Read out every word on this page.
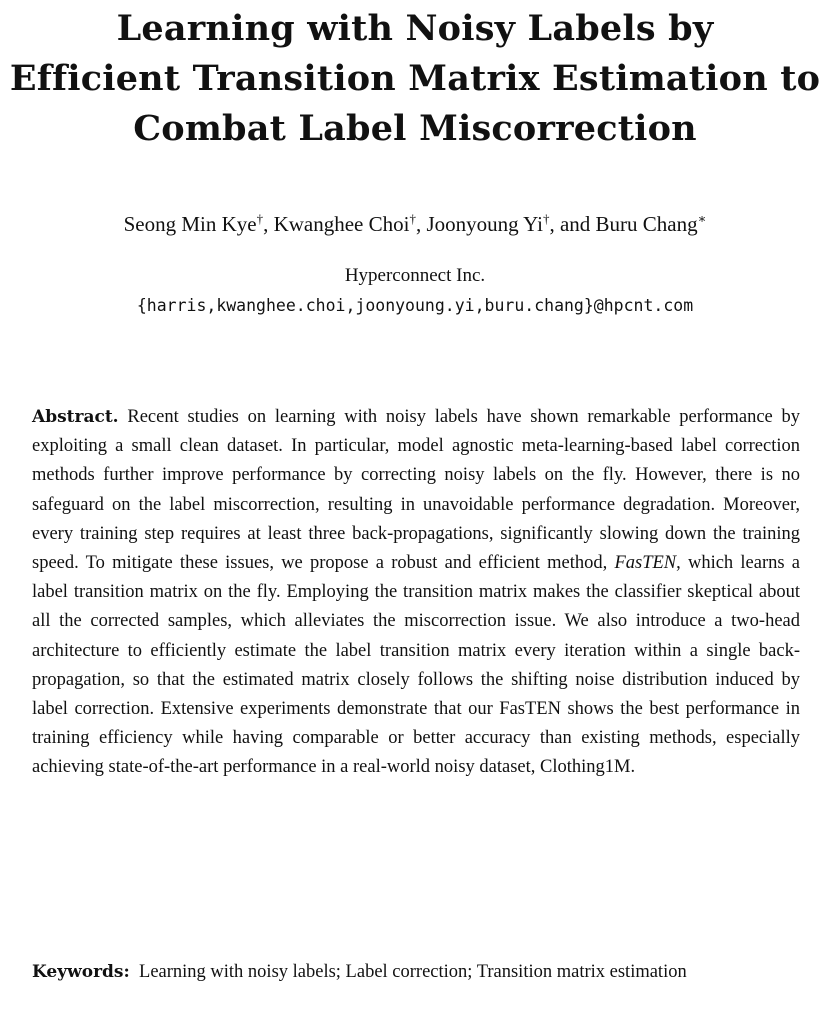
Learning with Noisy Labels by
Efficient Transition Matrix Estimation to
Combat Label Miscorrection
Seong Min Kye†, Kwanghee Choi†, Joonyoung Yi†, and Buru Chang∗
Hyperconnect Inc.
{harris,kwanghee.choi,joonyoung.yi,buru.chang}@hpcnt.com
Abstract. Recent studies on learning with noisy labels have shown remarkable performance by exploiting a small clean dataset. In particular, model agnostic meta-learning-based label correction methods further improve performance by correcting noisy labels on the fly. However, there is no safeguard on the label miscorrection, resulting in unavoidable performance degradation. Moreover, every training step requires at least three back-propagations, significantly slowing down the training speed. To mitigate these issues, we propose a robust and efficient method, FasTEN, which learns a label transition matrix on the fly. Employing the transition matrix makes the classifier skeptical about all the corrected samples, which alleviates the miscorrection issue. We also introduce a two-head architecture to efficiently estimate the label transition matrix every iteration within a single back-propagation, so that the estimated matrix closely follows the shifting noise distribution induced by label correction. Extensive experiments demonstrate that our FasTEN shows the best performance in training efficiency while having comparable or better accuracy than existing methods, especially achieving state-of-the-art performance in a real-world noisy dataset, Clothing1M.
Keywords: Learning with noisy labels; Label correction; Transition matrix estimation
